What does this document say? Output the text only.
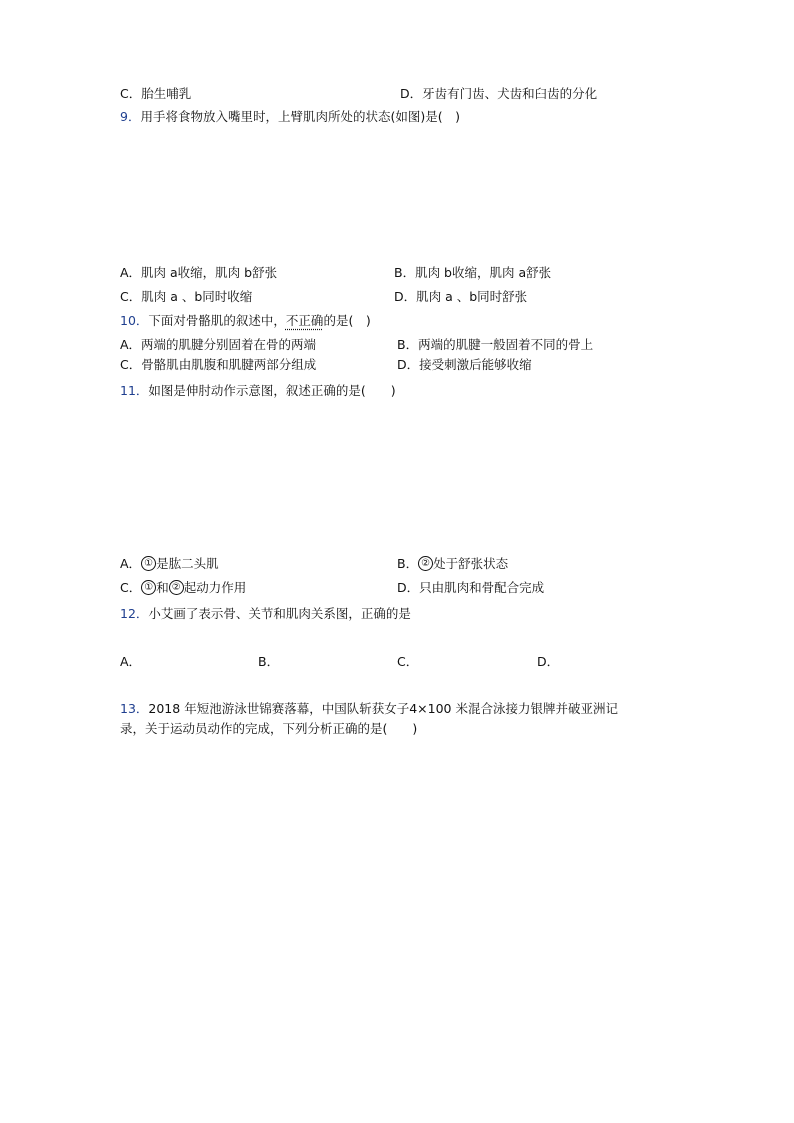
C．胎生哺乳	D．牙齿有门齿、犬齿和臼齿的分化
9．用手将食物放入嘴里时，上臂肌肉所处的状态(如图)是(　)
A．肌肉 a收缩，肌肉 b舒张	B．肌肉 b收缩，肌肉 a舒张
C．肌肉 a 、b同时收缩	D．肌肉 a 、b同时舒张
10．下面对骨骼肌的叙述中，不正确的是(　)
A．两端的肌腱分别固着在骨的两端	B．两端的肌腱一般固着不同的骨上
C．骨骼肌由肌腹和肌腱两部分组成	D．接受刺激后能够收缩
11．如图是伸肘动作示意图，叙述正确的是(　　)
A． ① 是肱二头肌	B． ② 处于舒张状态
C． ① 和 ② 起动力作用	D．只由肌肉和骨配合完成
12．小艾画了表示骨、关节和肌肉关系图，正确的是
A．	B．	C．	D．
13．2018 年短池游泳世锦赛落幕，中国队斩获女子4×100 米混合泳接力银牌并破亚洲记
录，关于运动员动作的完成，下列分析正确的是(　　)
